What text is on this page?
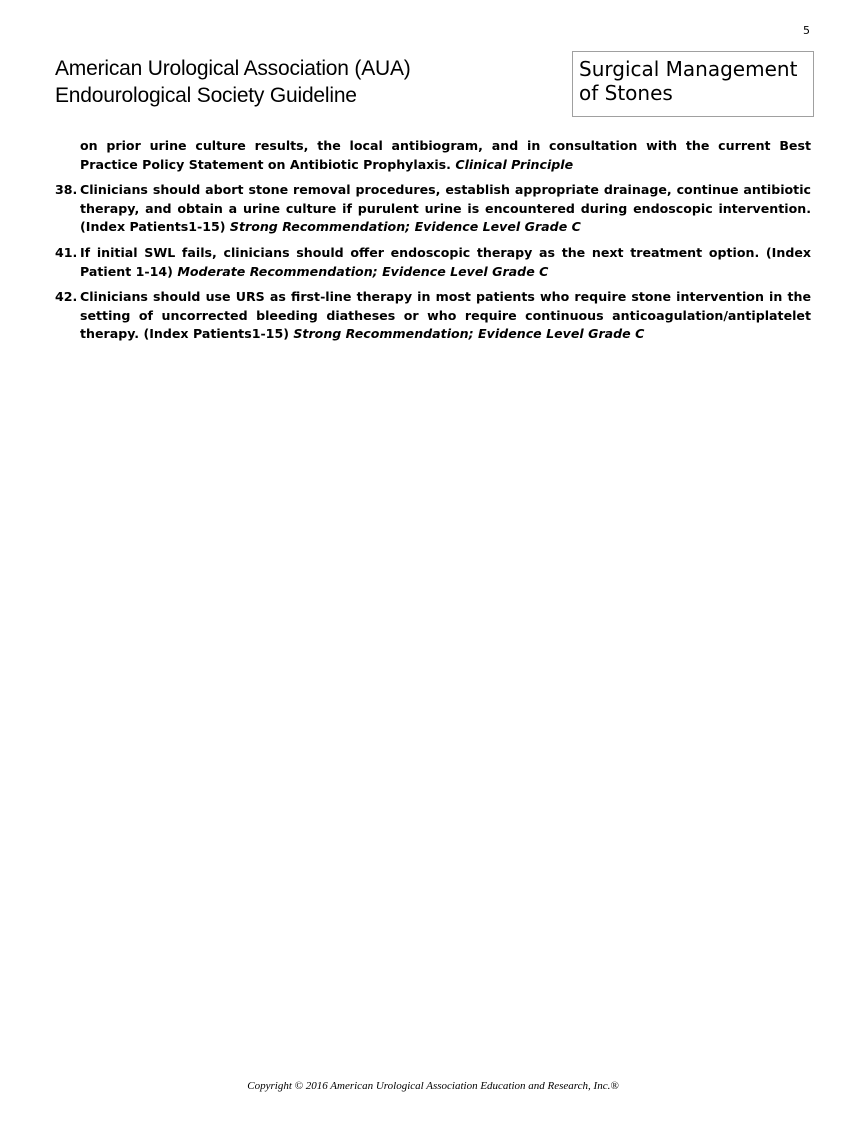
5
American Urological Association (AUA)
Endourological Society Guideline
Surgical Management
of Stones
on prior urine culture results, the local antibiogram, and in consultation with the current Best Practice Policy Statement on Antibiotic Prophylaxis. Clinical Principle
38. Clinicians should abort stone removal procedures, establish appropriate drainage, continue antibiotic therapy, and obtain a urine culture if purulent urine is encountered during endoscopic intervention. (Index Patients1-15) Strong Recommendation; Evidence Level Grade C
41. If initial SWL fails, clinicians should offer endoscopic therapy as the next treatment option. (Index Patient 1-14) Moderate Recommendation; Evidence Level Grade C
42. Clinicians should use URS as first-line therapy in most patients who require stone intervention in the setting of uncorrected bleeding diatheses or who require continuous anticoagulation/antiplatelet therapy. (Index Patients1-15) Strong Recommendation; Evidence Level Grade C
Copyright © 2016 American Urological Association Education and Research, Inc.®
